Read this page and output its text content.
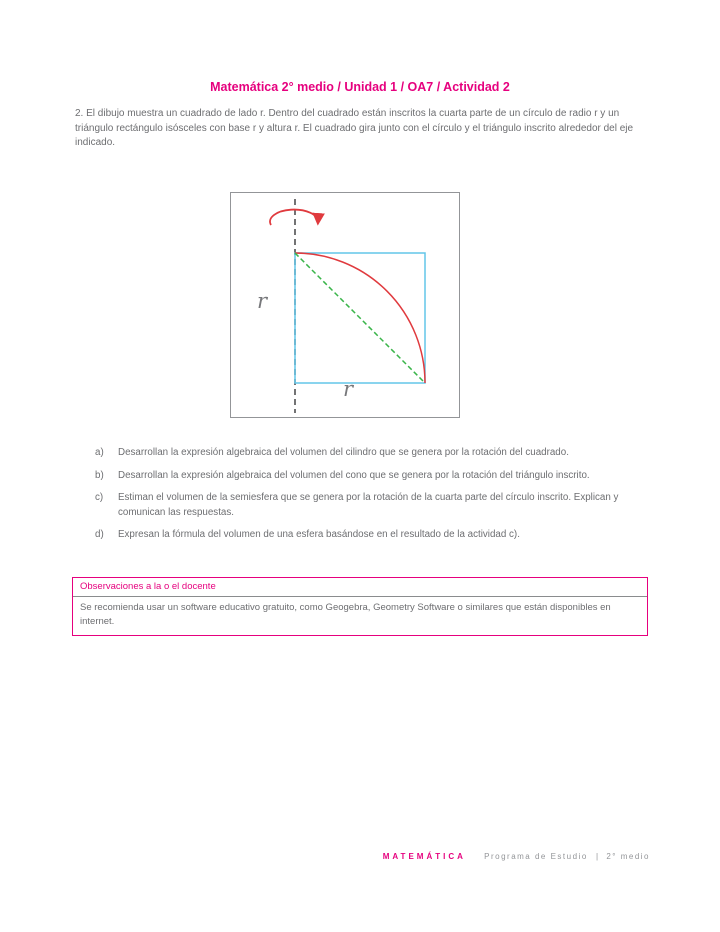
Matemática 2° medio / Unidad 1 / OA7 / Actividad 2

2. El dibujo muestra un cuadrado de lado r. Dentro del cuadrado están inscritos la cuarta parte de un círculo de radio r y un triángulo rectángulo isósceles con base r y altura r. El cuadrado gira junto con el círculo y el triángulo inscrito alrededor del eje indicado.

r
r
a)	Desarrollan la expresión algebraica del volumen del cilindro que se genera por la rotación del cuadrado.
b)	Desarrollan la expresión algebraica del volumen del cono que se genera por la rotación del triángulo inscrito.
c)	Estiman el volumen de la semiesfera que se genera por la rotación de la cuarta parte del círculo inscrito. Explican y comunican las respuestas.
d)	Expresan la fórmula del volumen de una esfera basándose en el resultado de la actividad c).
Observaciones a la o el docente
Se recomienda usar un software educativo gratuito, como Geogebra, Geometry Software o similares que están disponibles en internet.
MATEMÁTICA Programa de Estudio | 2° medio
